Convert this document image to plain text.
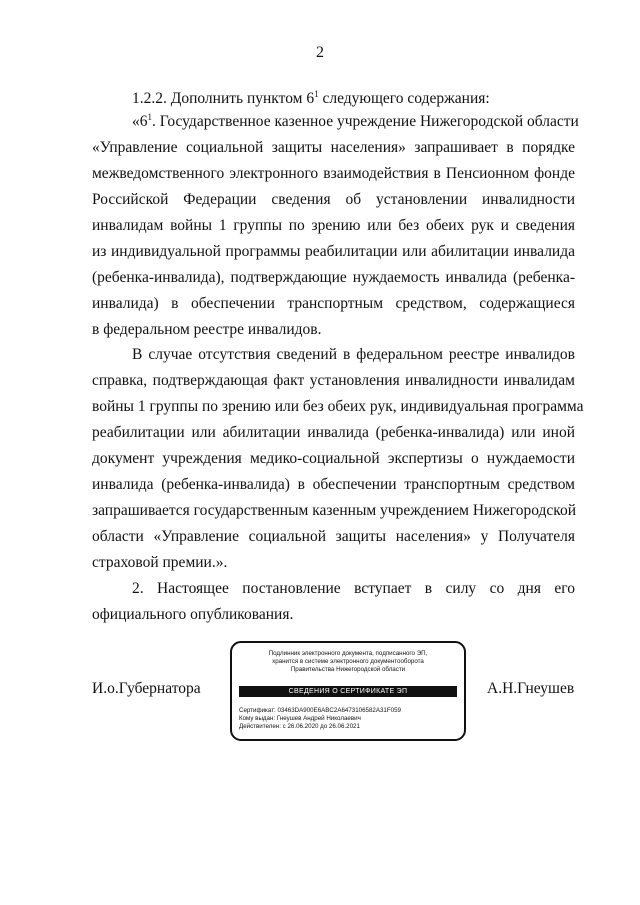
2
1.2.2. Дополнить пунктом $6^1$ следующего содержания:
«$6^1$. Государственное казенное учреждение Нижегородской области
«Управление социальной защиты населения» запрашивает в порядке
межведомственного электронного взаимодействия в Пенсионном фонде
Российской Федерации сведения об установлении инвалидности
инвалидам войны 1 группы по зрению или без обеих рук и сведения
из индивидуальной программы реабилитации или абилитации инвалида
(ребенка-инвалида), подтверждающие нуждаемость инвалида (ребенка-
инвалида) в обеспечении транспортным средством, содержащиеся
в федеральном реестре инвалидов.
В случае отсутствия сведений в федеральном реестре инвалидов
справка, подтверждающая факт установления инвалидности инвалидам
войны 1 группы по зрению или без обеих рук, индивидуальная программа
реабилитации или абилитации инвалида (ребенка-инвалида) или иной
документ учреждения медико-социальной экспертизы о нуждаемости
инвалида (ребенка-инвалида) в обеспечении транспортным средством
запрашивается государственным казенным учреждением Нижегородской
области «Управление социальной защиты населения» у Получателя
страховой премии.».
2. Настоящее постановление вступает в силу со дня его
официального опубликования.
И.о.Губернатора	А.Н.Гнеушев
Подлинник электронного документа, подписанного ЭП,
хранится в системе электронного документооборота
Правительства Нижегородской области
СВЕДЕНИЯ О СЕРТИФИКАТЕ ЭП
Сертификат: 03463DA900E6ABC2A6473106582A31F059
Кому выдан: Гнеушев Андрей Николаевич
Действителен: с 26.06.2020 до 26.06.2021
